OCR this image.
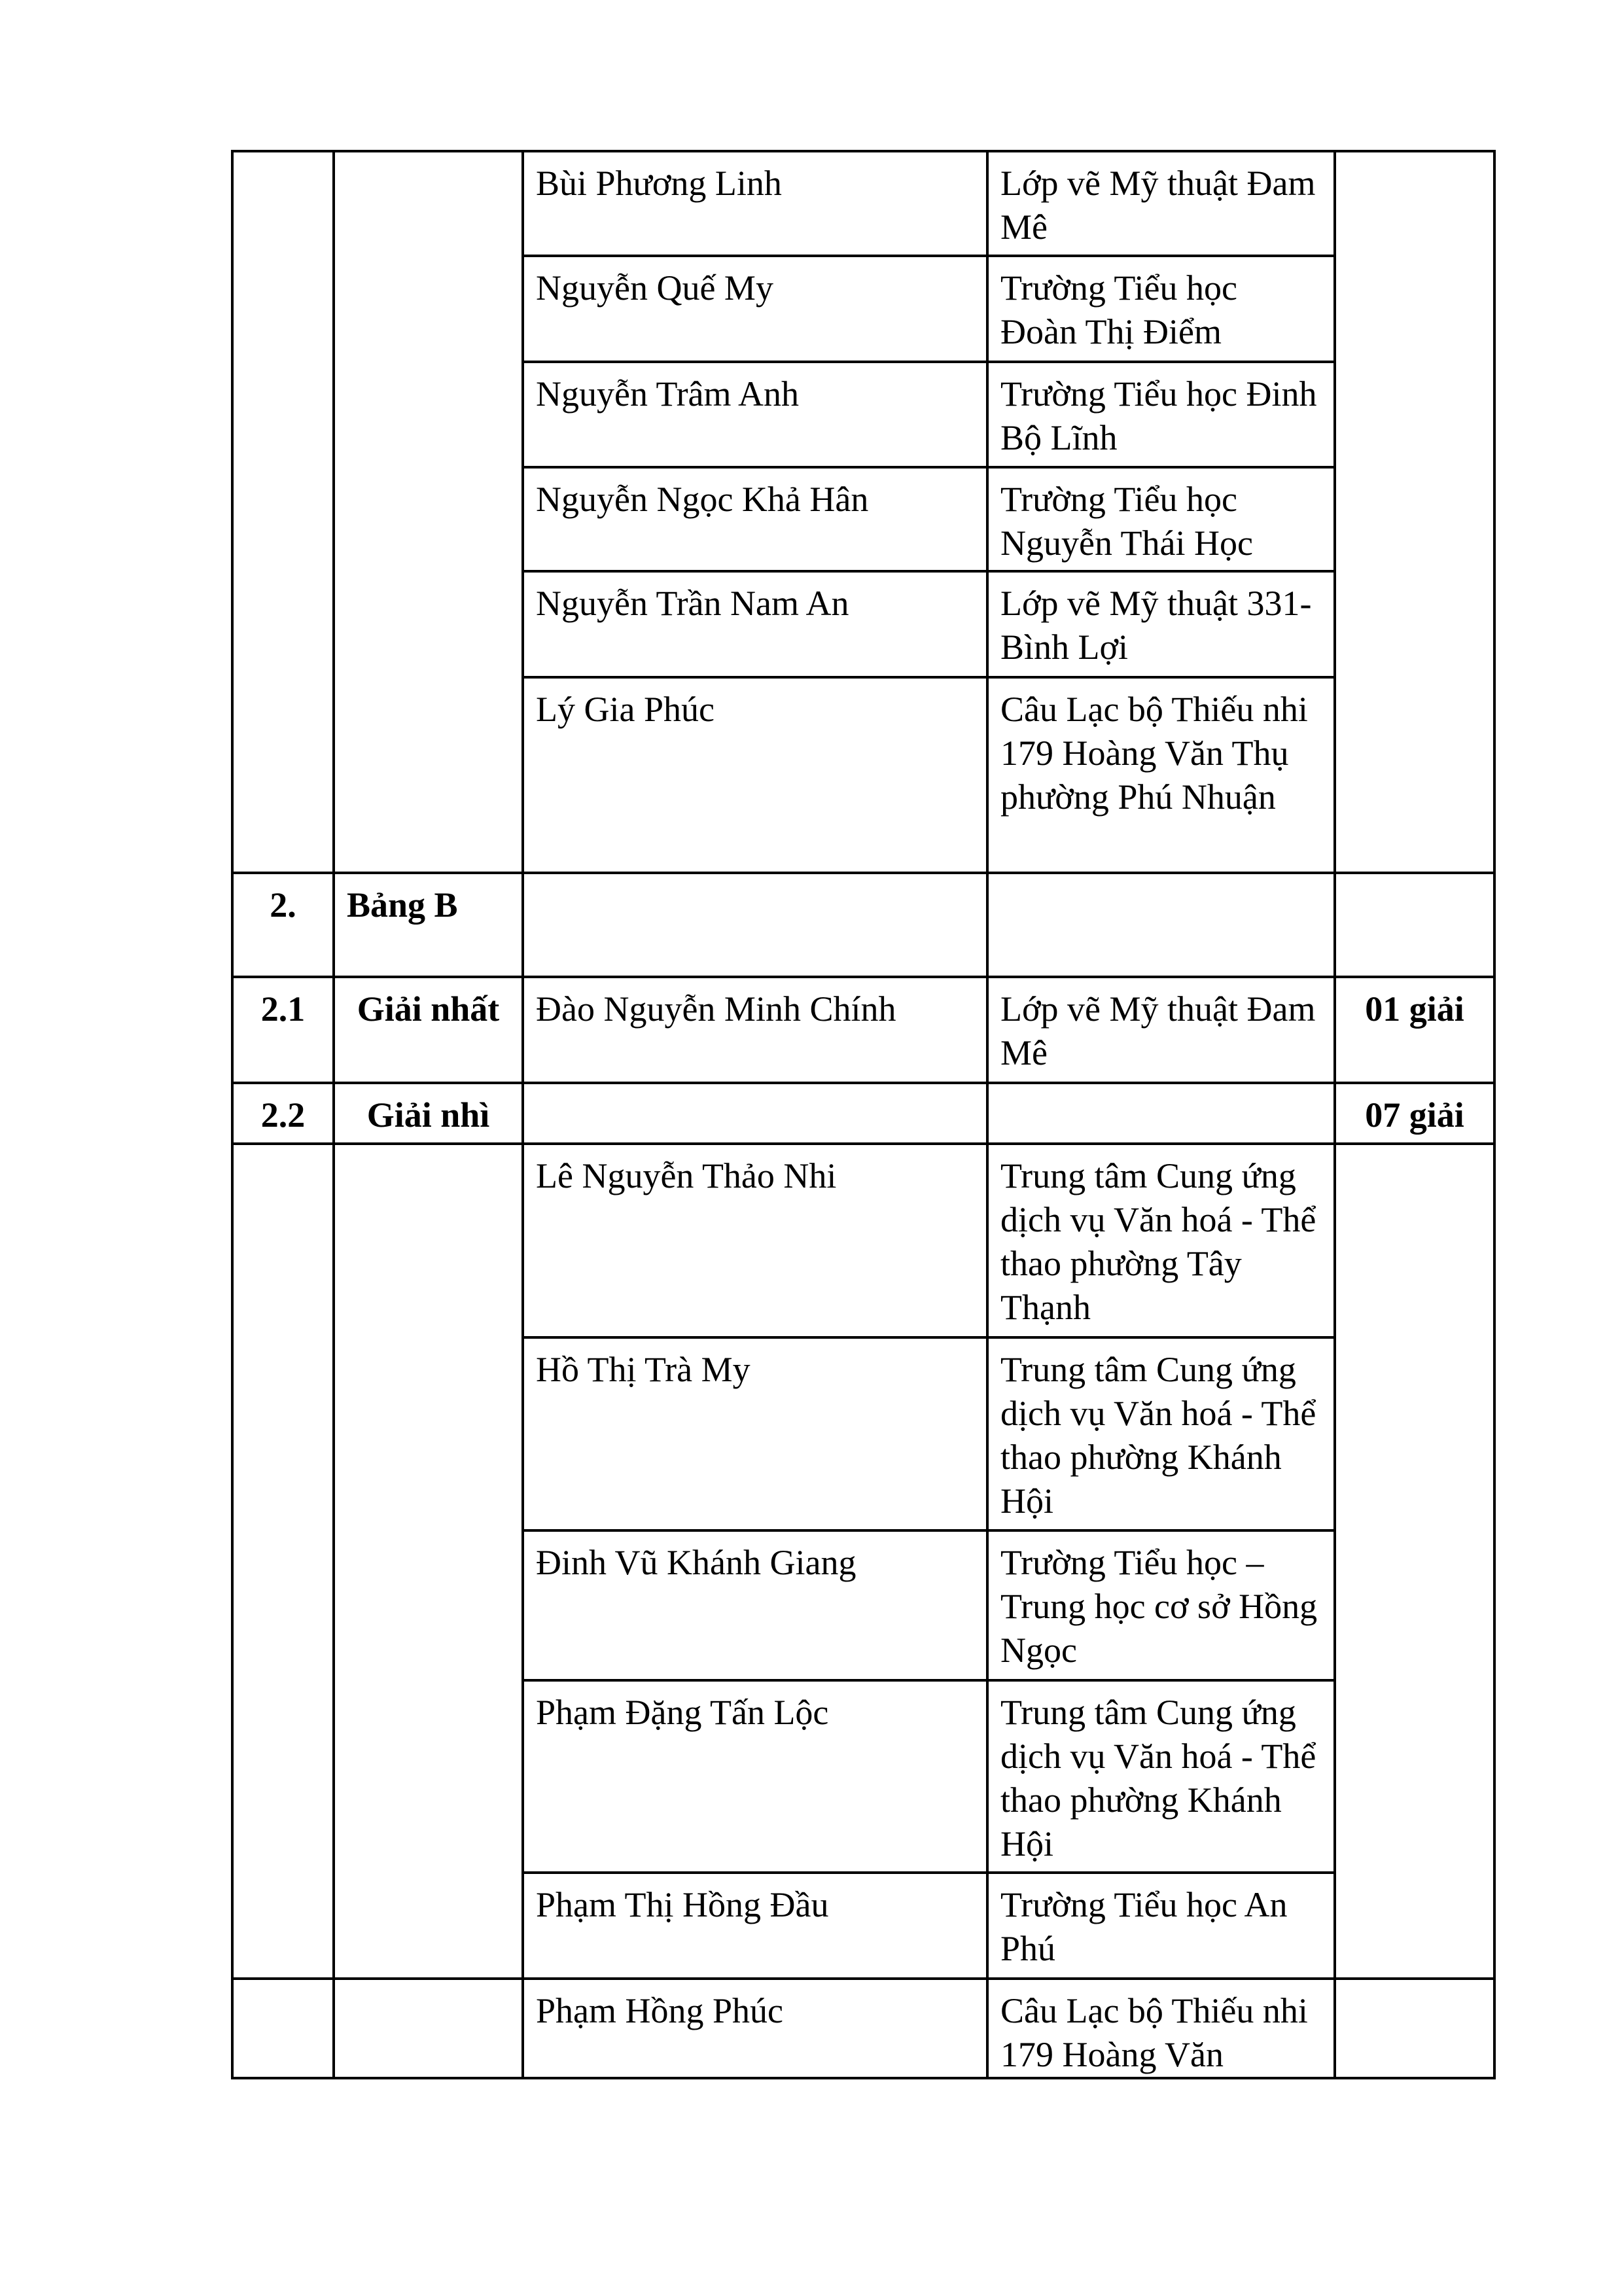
		Bùi Phương Linh	Lớp vẽ Mỹ thuật Đam Mê	

		Nguyễn Quế My	Trường Tiểu học Đoàn Thị Điểm	

		Nguyễn Trâm Anh	Trường Tiểu học Đinh Bộ Lĩnh	

		Nguyễn Ngọc Khả Hân	Trường Tiểu học Nguyễn Thái Học	

		Nguyễn Trần Nam An	Lớp vẽ Mỹ thuật 331- Bình Lợi	

		Lý Gia Phúc	Câu Lạc bộ Thiếu nhi 179 Hoàng Văn Thụ phường Phú Nhuận	

2.	Bảng B			

2.1	Giải nhất	Đào Nguyễn Minh Chính	Lớp vẽ Mỹ thuật Đam Mê	01 giải

2.2	Giải nhì			07 giải

		Lê Nguyễn Thảo Nhi	Trung tâm Cung ứng dịch vụ Văn hoá - Thể thao phường Tây Thạnh	

		Hồ Thị Trà My	Trung tâm Cung ứng dịch vụ Văn hoá - Thể thao phường Khánh Hội	

		Đinh Vũ Khánh Giang	Trường Tiểu học – Trung học cơ sở Hồng Ngọc	

		Phạm Đặng Tấn Lộc	Trung tâm Cung ứng dịch vụ Văn hoá - Thể thao phường Khánh Hội	

		Phạm Thị Hồng Đầu	Trường Tiểu học An Phú	

		Phạm Hồng Phúc	Câu Lạc bộ Thiếu nhi 179 Hoàng Văn	
